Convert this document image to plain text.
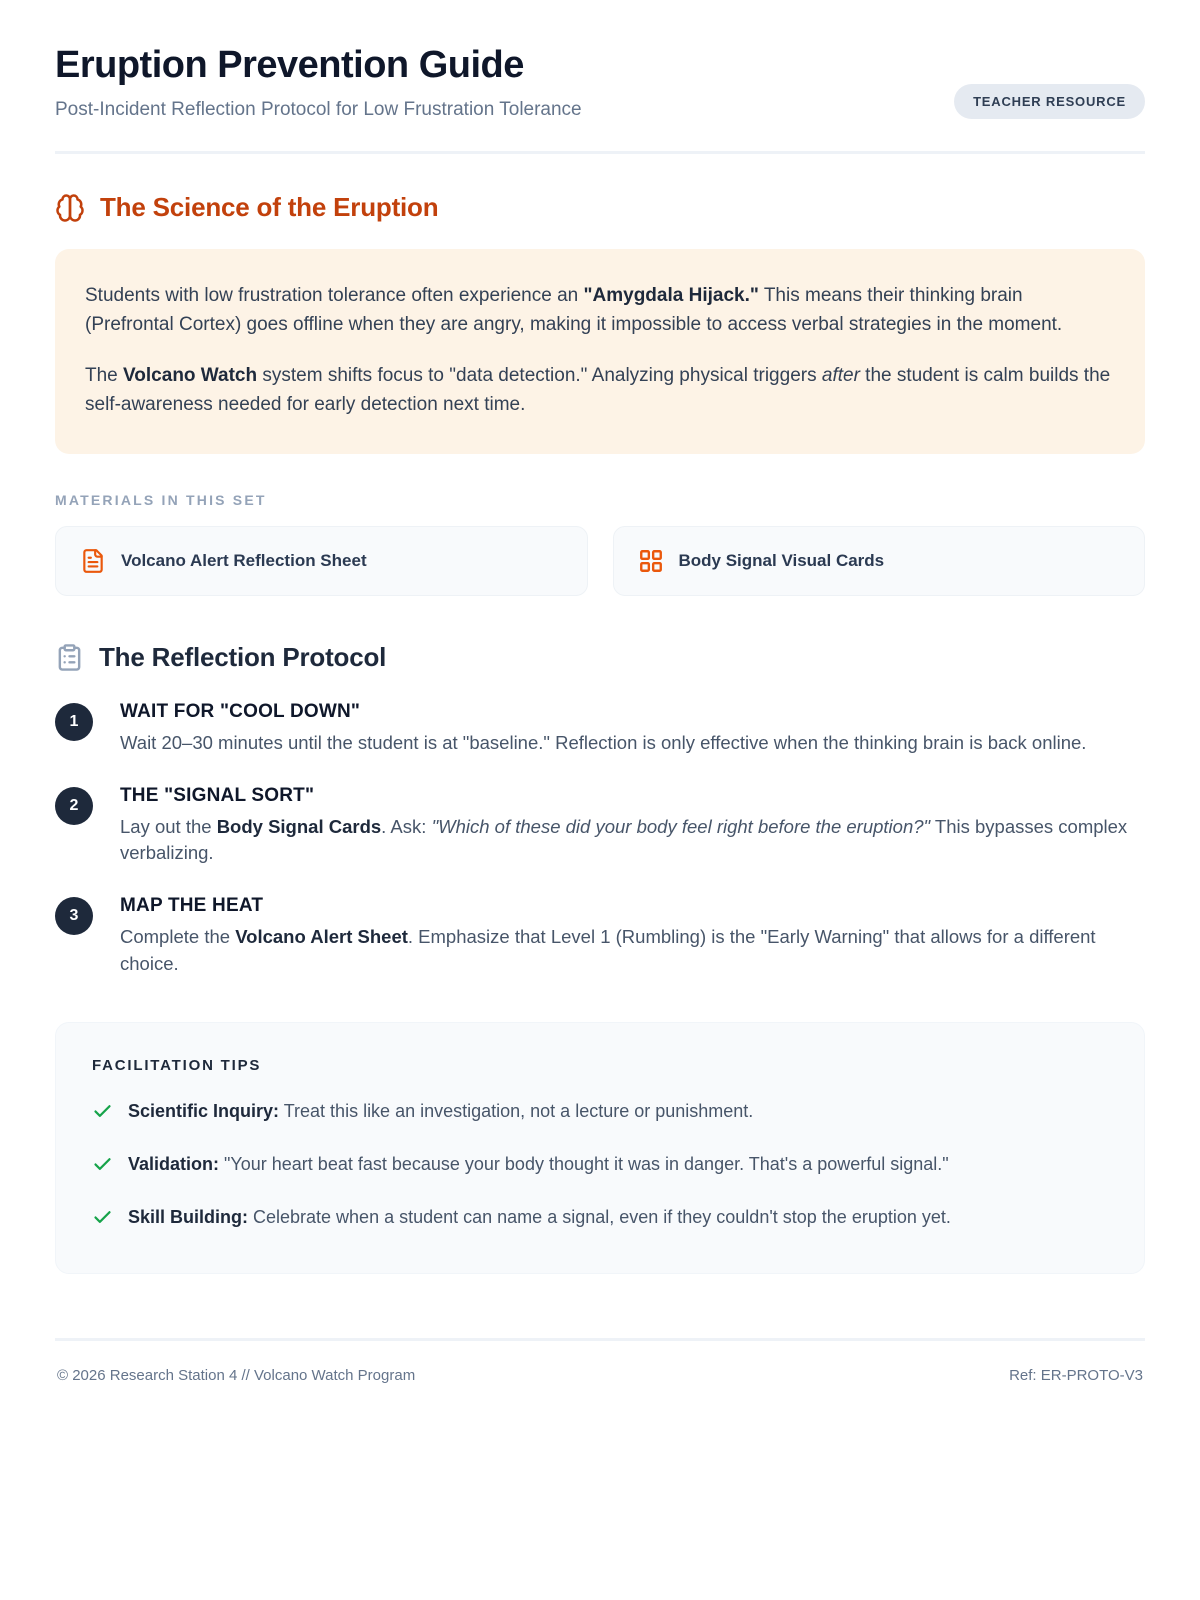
Eruption Prevention Guide
Post-Incident Reflection Protocol for Low Frustration Tolerance	TEACHER RESOURCE
The Science of the Eruption

Students with low frustration tolerance often experience an "Amygdala Hijack." This means their thinking brain (Prefrontal Cortex) goes offline when they are angry, making it impossible to access verbal strategies in the moment.

The Volcano Watch system shifts focus to "data detection." Analyzing physical triggers after the student is calm builds the self-awareness needed for early detection next time.

MATERIALS IN THIS SET
Volcano Alert Reflection Sheet	Body Signal Visual Cards
The Reflection Protocol
1	WAIT FOR "COOL DOWN"
Wait 20–30 minutes until the student is at "baseline." Reflection is only effective when the thinking brain is back online.
2	THE "SIGNAL SORT"
Lay out the Body Signal Cards. Ask: "Which of these did your body feel right before the eruption?" This bypasses complex verbalizing.
3	MAP THE HEAT
Complete the Volcano Alert Sheet. Emphasize that Level 1 (Rumbling) is the "Early Warning" that allows for a different choice.
FACILITATION TIPS
Scientific Inquiry: Treat this like an investigation, not a lecture or punishment.
Validation: "Your heart beat fast because your body thought it was in danger. That's a powerful signal."
Skill Building: Celebrate when a student can name a signal, even if they couldn't stop the eruption yet.
© 2026 Research Station 4 // Volcano Watch Program	Ref: ER-PROTO-V3
